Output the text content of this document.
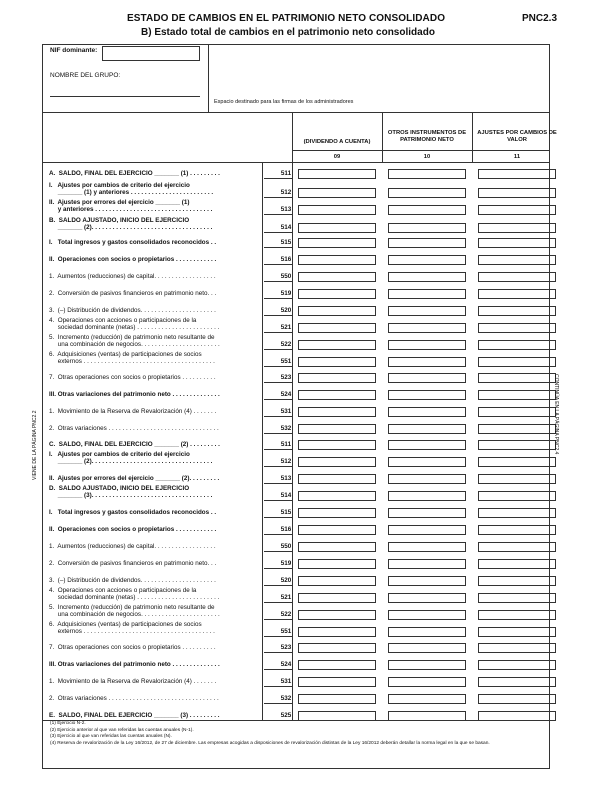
ESTADO DE CAMBIOS EN EL PATRIMONIO NETO CONSOLIDADO
B) Estado total de cambios en el patrimonio neto consolidado
PNC2.3
NIF dominante:
NOMBRE DEL GRUPO:
Espacio destinado para las firmas de los administradores
(DIVIDENDO A CUENTA)
09
OTROS INSTRUMENTOS DE PATRIMONIO NETO
10
AJUSTES POR CAMBIOS DE VALOR
11
A.  SALDO, FINAL DEL EJERCICIO _______ (1) . . . . . . . . .	511
I.   Ajustes por cambios de criterio del ejercicio
_______ (1) y anteriores . . . . . . . . . . . . . . . . . . . . . . . .	512
II.  Ajustes por errores del ejercicio _______ (1)
y anteriores . . . . . . . . . . . . . . . . . . . . . . . . . . . . . . . . . .	513
B.  SALDO AJUSTADO, INICIO DEL EJERCICIO
_______ (2). . . . . . . . . . . . . . . . . . . . . . . . . . . . . . . . . . .	514
I.   Total ingresos y gastos consolidados reconocidos . .	515
II.  Operaciones con socios o propietarios . . . . . . . . . . . .	516
1.  Aumentos (reducciones) de capital. . . . . . . . . . . . . . . . . .	550
2.  Conversión de pasivos financieros en patrimonio neto. . .	519
3.  (–) Distribución de dividendos. . . . . . . . . . . . . . . . . . . . . .	520
4.  Operaciones con acciones o participaciones de la
sociedad dominante (netas) . . . . . . . . . . . . . . . . . . . . . . . .	521
5.  Incremento (reducción) de patrimonio neto resultante de
una combinación de negocios. . . . . . . . . . . . . . . . . . . . . . .	522
6.  Adquisiciones (ventas) de participaciones de socios
externos . . . . . . . . . . . . . . . . . . . . . . . . . . . . . . . . . . . . . .	551
7.  Otras operaciones con socios o propietarios . . . . . . . . . .	523
III. Otras variaciones del patrimonio neto . . . . . . . . . . . . . .	524
1.  Movimiento de la Reserva de Revalorización (4) . . . . . . .	531
2.  Otras variaciones . . . . . . . . . . . . . . . . . . . . . . . . . . . . . . . .	532
C.  SALDO, FINAL DEL EJERCICIO _______ (2) . . . . . . . . .	511
I.   Ajustes por cambios de criterio del ejercicio
_______ (2). . . . . . . . . . . . . . . . . . . . . . . . . . . . . . . . . . .	512
II.  Ajustes por errores del ejercicio _______ (2). . . . . . . . .	513
D.  SALDO AJUSTADO, INICIO DEL EJERCICIO
_______ (3). . . . . . . . . . . . . . . . . . . . . . . . . . . . . . . . . . .	514
I.   Total ingresos y gastos consolidados reconocidos . .	515
II.  Operaciones con socios o propietarios . . . . . . . . . . . .	516
1.  Aumentos (reducciones) de capital. . . . . . . . . . . . . . . . . .	550
2.  Conversión de pasivos financieros en patrimonio neto. . .	519
3.  (–) Distribución de dividendos. . . . . . . . . . . . . . . . . . . . . .	520
4.  Operaciones con acciones o participaciones de la
sociedad dominante (netas) . . . . . . . . . . . . . . . . . . . . . . . .	521
5.  Incremento (reducción) de patrimonio neto resultante de
una combinación de negocios. . . . . . . . . . . . . . . . . . . . . . .	522
6.  Adquisiciones (ventas) de participaciones de socios
externos . . . . . . . . . . . . . . . . . . . . . . . . . . . . . . . . . . . . . .	551
7.  Otras operaciones con socios o propietarios . . . . . . . . . .	523
III. Otras variaciones del patrimonio neto . . . . . . . . . . . . . .	524
1.  Movimiento de la Reserva de Revalorización (4) . . . . . . .	531
2.  Otras variaciones . . . . . . . . . . . . . . . . . . . . . . . . . . . . . . . .	532
E.  SALDO, FINAL DEL EJERCICIO _______ (3) . . . . . . . . .	525
VIENE DE LA PÁGINA PNC2.2	CONTINÚA EN LA PÁGINA PNC2.4
(1) Ejercicio N-2.
(2) Ejercicio anterior al que van referidas las cuentas anuales (N-1).
(3) Ejercicio al que van referidas las cuentas anuales (N).
(4) Reserva de revalorización de la Ley 16/2012, de 27 de diciembre. Las empresas acogidas a disposiciones de revalorización distintas de la Ley 16/2012 deberán detallar la norma legal en la que se basan.
